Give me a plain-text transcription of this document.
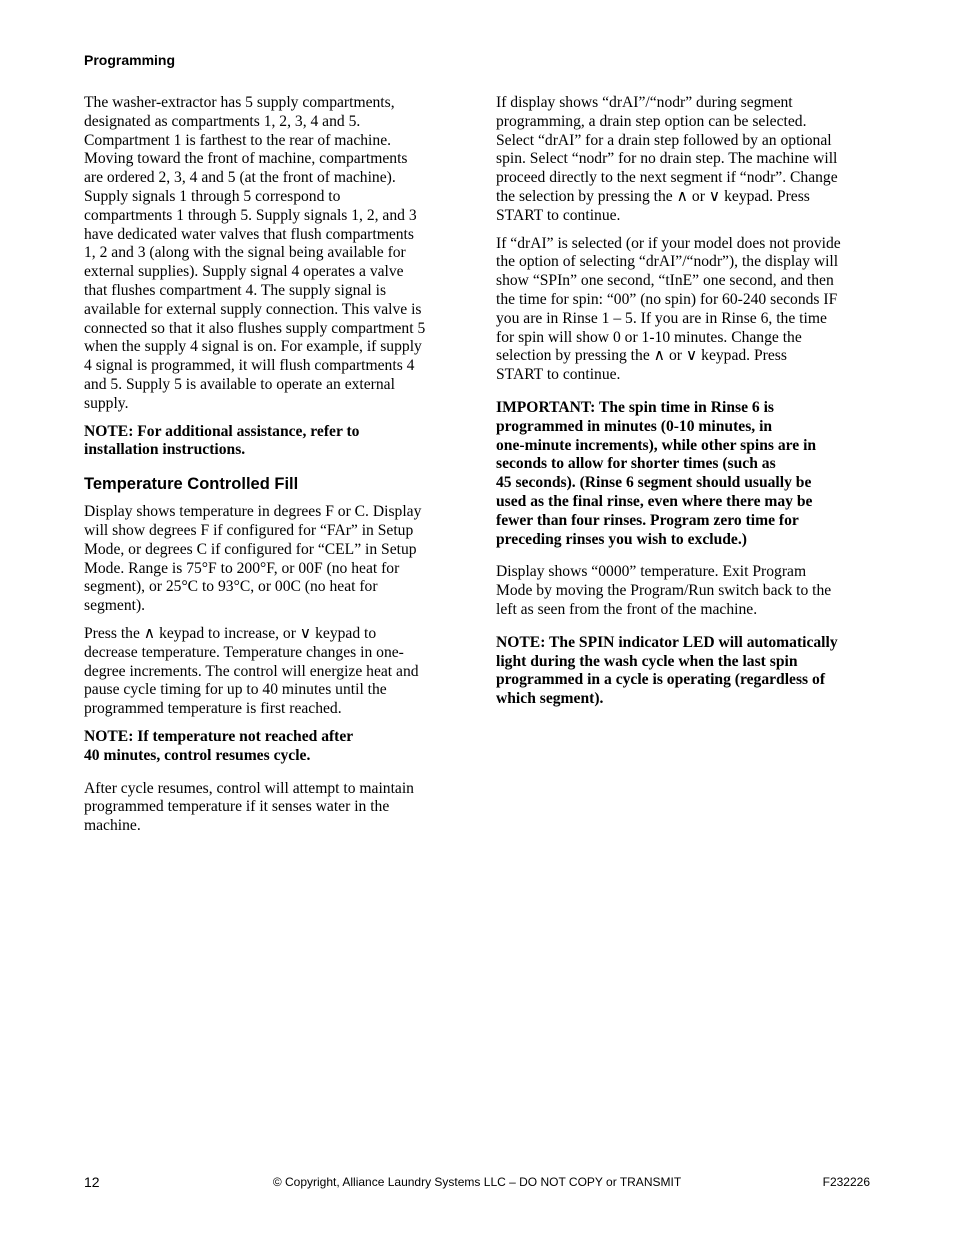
Programming

The washer-extractor has 5 supply compartments,
designated as compartments 1, 2, 3, 4 and 5.
Compartment 1 is farthest to the rear of machine.
Moving toward the front of machine, compartments
are ordered 2, 3, 4 and 5 (at the front of machine).
Supply signals 1 through 5 correspond to
compartments 1 through 5. Supply signals 1, 2, and 3
have dedicated water valves that flush compartments
1, 2 and 3 (along with the signal being available for
external supplies). Supply signal 4 operates a valve
that flushes compartment 4. The supply signal is
available for external supply connection. This valve is
connected so that it also flushes supply compartment 5
when the supply 4 signal is on. For example, if supply
4 signal is programmed, it will flush compartments 4
and 5. Supply 5 is available to operate an external
supply.

NOTE: For additional assistance, refer to
installation instructions.

Temperature Controlled Fill

Display shows temperature in degrees F or C. Display
will show degrees F if configured for “FAr” in Setup
Mode, or degrees C if configured for “CEL” in Setup
Mode. Range is 75°F to 200°F, or 00F (no heat for
segment), or 25°C to 93°C, or 00C (no heat for
segment).

Press the ∧ keypad to increase, or ∨ keypad to
decrease temperature. Temperature changes in one-
degree increments. The control will energize heat and
pause cycle timing for up to 40 minutes until the
programmed temperature is first reached.

NOTE: If temperature not reached after
40 minutes, control resumes cycle.

After cycle resumes, control will attempt to maintain
programmed temperature if it senses water in the
machine.

If display shows “drAI”/“nodr” during segment
programming, a drain step option can be selected.
Select “drAI” for a drain step followed by an optional
spin. Select “nodr” for no drain step. The machine will
proceed directly to the next segment if “nodr”. Change
the selection by pressing the ∧ or ∨ keypad. Press
START to continue.

If “drAI” is selected (or if your model does not provide
the option of selecting “drAI”/“nodr”), the display will
show “SPIn” one second, “tInE” one second, and then
the time for spin: “00” (no spin) for 60-240 seconds IF
you are in Rinse 1 – 5. If you are in Rinse 6, the time
for spin will show 0 or 1-10 minutes. Change the
selection by pressing the ∧ or ∨ keypad. Press
START to continue.

IMPORTANT: The spin time in Rinse 6 is
programmed in minutes (0-10 minutes, in
one-minute increments), while other spins are in
seconds to allow for shorter times (such as
45 seconds). (Rinse 6 segment should usually be
used as the final rinse, even where there may be
fewer than four rinses. Program zero time for
preceding rinses you wish to exclude.)

Display shows “0000” temperature. Exit Program
Mode by moving the Program/Run switch back to the
left as seen from the front of the machine.

NOTE: The SPIN indicator LED will automatically
light during the wash cycle when the last spin
programmed in a cycle is operating (regardless of
which segment).

12	© Copyright, Alliance Laundry Systems LLC – DO NOT COPY or TRANSMIT	F232226
